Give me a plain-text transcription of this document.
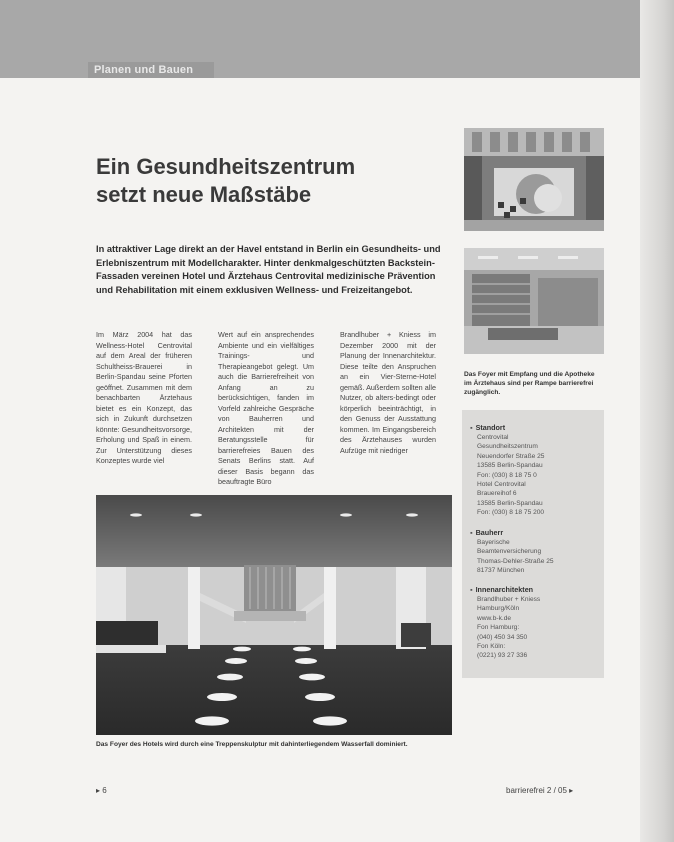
Planen und Bauen
Ein Gesundheitszentrum
setzt neue Maßstäbe

In attraktiver Lage direkt an der Havel entstand in Berlin ein Gesundheits- und Erlebniszentrum mit Modellcharakter. Hinter denkmalgeschützten Backstein-Fassaden vereinen Hotel und Ärztehaus Centrovital medizinische Prävention und Rehabilitation mit einem exklusiven Wellness- und Freizeitangebot.

Im März 2004 hat das Wellness-Hotel Centrovital auf dem Areal der früheren Schultheiss-Brauerei in Berlin-Spandau seine Pforten geöffnet. Zusammen mit dem benachbarten Ärztehaus bietet es ein Konzept, das sich in Zukunft durchsetzen könnte: Gesundheitsvorsorge, Erholung und Spaß in einem. Zur Unterstützung dieses Konzeptes wurde viel

Wert auf ein ansprechendes Ambiente und ein vielfältiges Trainings- und Therapieangebot gelegt. Um auch die Barrierefreiheit von Anfang an zu berücksichtigen, fanden im Vorfeld zahlreiche Gespräche von Bauherren und Architekten mit der Beratungsstelle für barrierefreies Bauen des Senats Berlins statt. Auf dieser Basis begann das beauftragte Büro

Brandlhuber + Kniess im Dezember 2000 mit der Planung der Innenarchitektur. Diese teilte den Anspruchen an ein Vier-Sterne-Hotel gemäß. Außerdem sollten alle Nutzer, ob alters-bedingt oder körperlich beeinträchtigt, in den Genuss der Ausstattung kommen. Im Eingangsbereich des Ärztehauses wurden Aufzüge mit niedriger

Das Foyer mit Empfang und die Apotheke im Ärztehaus sind per Rampe barrierefrei zugänglich.

▪ Standort
Centrovital
Gesundheitszentrum
Neuendorfer Straße 25
13585 Berlin-Spandau
Fon: (030) 8 18 75 0
Hotel Centrovital
Brauereihof 6
13585 Berlin-Spandau
Fon: (030) 8 18 75 200
▪ Bauherr
Bayerische
Beamtenversicherung
Thomas-Dehler-Straße 25
81737 München
▪ Innenarchitekten
Brandlhuber + Kniess
Hamburg/Köln
www.b-k.de
Fon Hamburg:
(040) 450 34 350
Fon Köln:
(0221) 93 27 336

Das Foyer des Hotels wird durch eine Treppenskulptur mit dahinterliegendem Wasserfall dominiert.

▸ 6	barrierefrei 2 / 05 ▸
